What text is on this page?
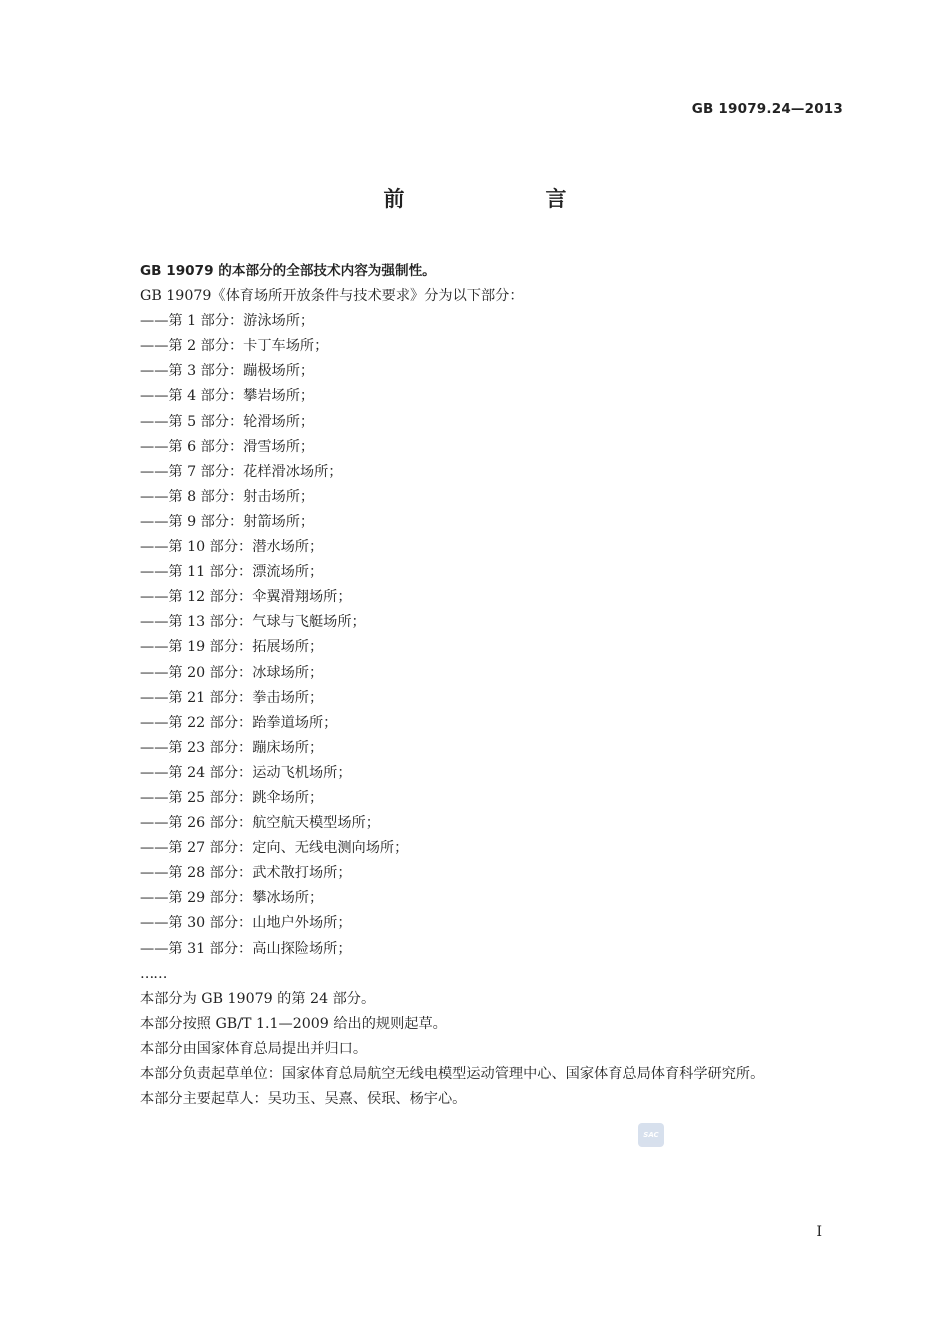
GB 19079.24—2013
前　言

GB 19079 的本部分的全部技术内容为强制性。

GB 19079《体育场所开放条件与技术要求》分为以下部分：

——第 1 部分：游泳场所；

——第 2 部分：卡丁车场所；

——第 3 部分：蹦极场所；

——第 4 部分：攀岩场所；

——第 5 部分：轮滑场所；

——第 6 部分：滑雪场所；

——第 7 部分：花样滑冰场所；

——第 8 部分：射击场所；

——第 9 部分：射箭场所；

——第 10 部分：潜水场所；

——第 11 部分：漂流场所；

——第 12 部分：伞翼滑翔场所；

——第 13 部分：气球与飞艇场所；

——第 19 部分：拓展场所；

——第 20 部分：冰球场所；

——第 21 部分：拳击场所；

——第 22 部分：跆拳道场所；

——第 23 部分：蹦床场所；

——第 24 部分：运动飞机场所；

——第 25 部分：跳伞场所；

——第 26 部分：航空航天模型场所；

——第 27 部分：定向、无线电测向场所；

——第 28 部分：武术散打场所；

——第 29 部分：攀冰场所；

——第 30 部分：山地户外场所；

——第 31 部分：高山探险场所；

……

本部分为 GB 19079 的第 24 部分。

本部分按照 GB/T 1.1—2009 给出的规则起草。

本部分由国家体育总局提出并归口。

本部分负责起草单位：国家体育总局航空无线电模型运动管理中心、国家体育总局体育科学研究所。

本部分主要起草人：吴功玉、吴熹、侯珉、杨宇心。

SAC
I
